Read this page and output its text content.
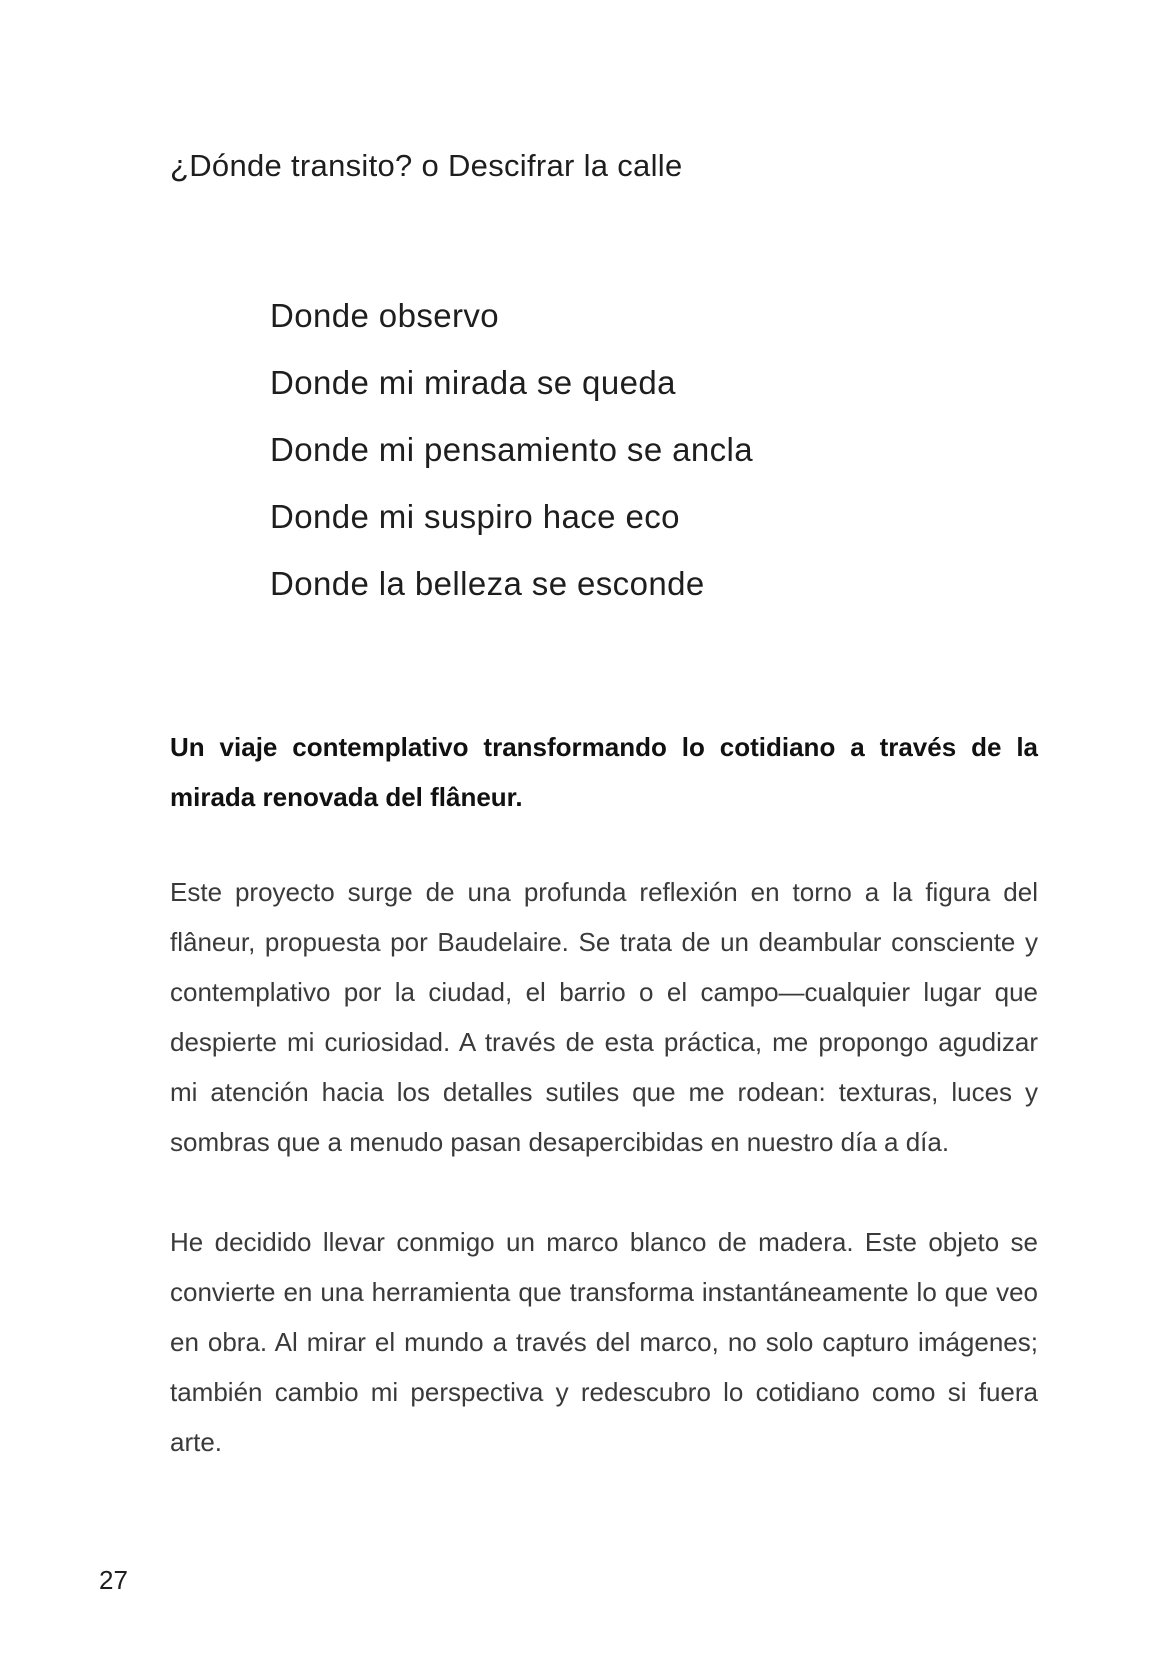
¿Dónde transito? o Descifrar la calle
Donde observo
Donde mi mirada se queda
Donde mi pensamiento se ancla
Donde mi suspiro hace eco
Donde la belleza se esconde

Un viaje contemplativo transformando lo cotidiano a través de la mirada renovada del flâneur.

Este proyecto surge de una profunda reflexión en torno a la figura del flâneur, propuesta por Baudelaire. Se trata de un deambular consciente y contemplativo por la ciudad, el barrio o el campo—cualquier lugar que despierte mi curiosidad. A través de esta práctica, me propongo agudizar mi atención hacia los detalles sutiles que me rodean: texturas, luces y sombras que a menudo pasan desapercibidas en nuestro día a día.

He decidido llevar conmigo un marco blanco de madera. Este objeto se convierte en una herramienta que transforma instantáneamente lo que veo en obra. Al mirar el mundo a través del marco, no solo capturo imágenes; también cambio mi perspectiva y redescubro lo cotidiano como si fuera arte.

27
